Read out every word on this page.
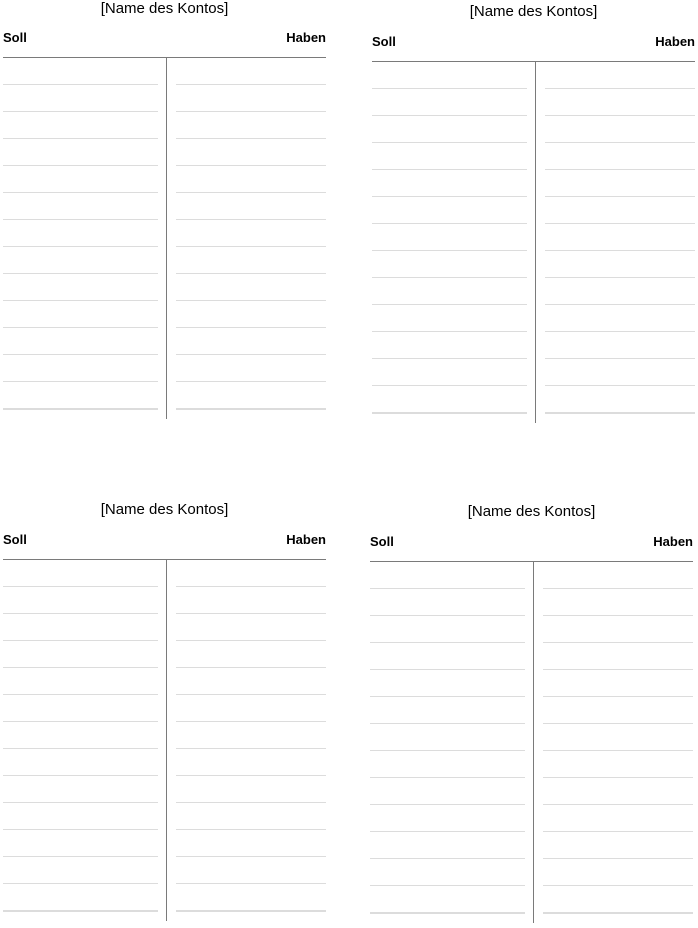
[Name des Kontos]
Soll	Haben
[Name des Kontos]
Soll	Haben
[Name des Kontos]
Soll	Haben
[Name des Kontos]
Soll	Haben
